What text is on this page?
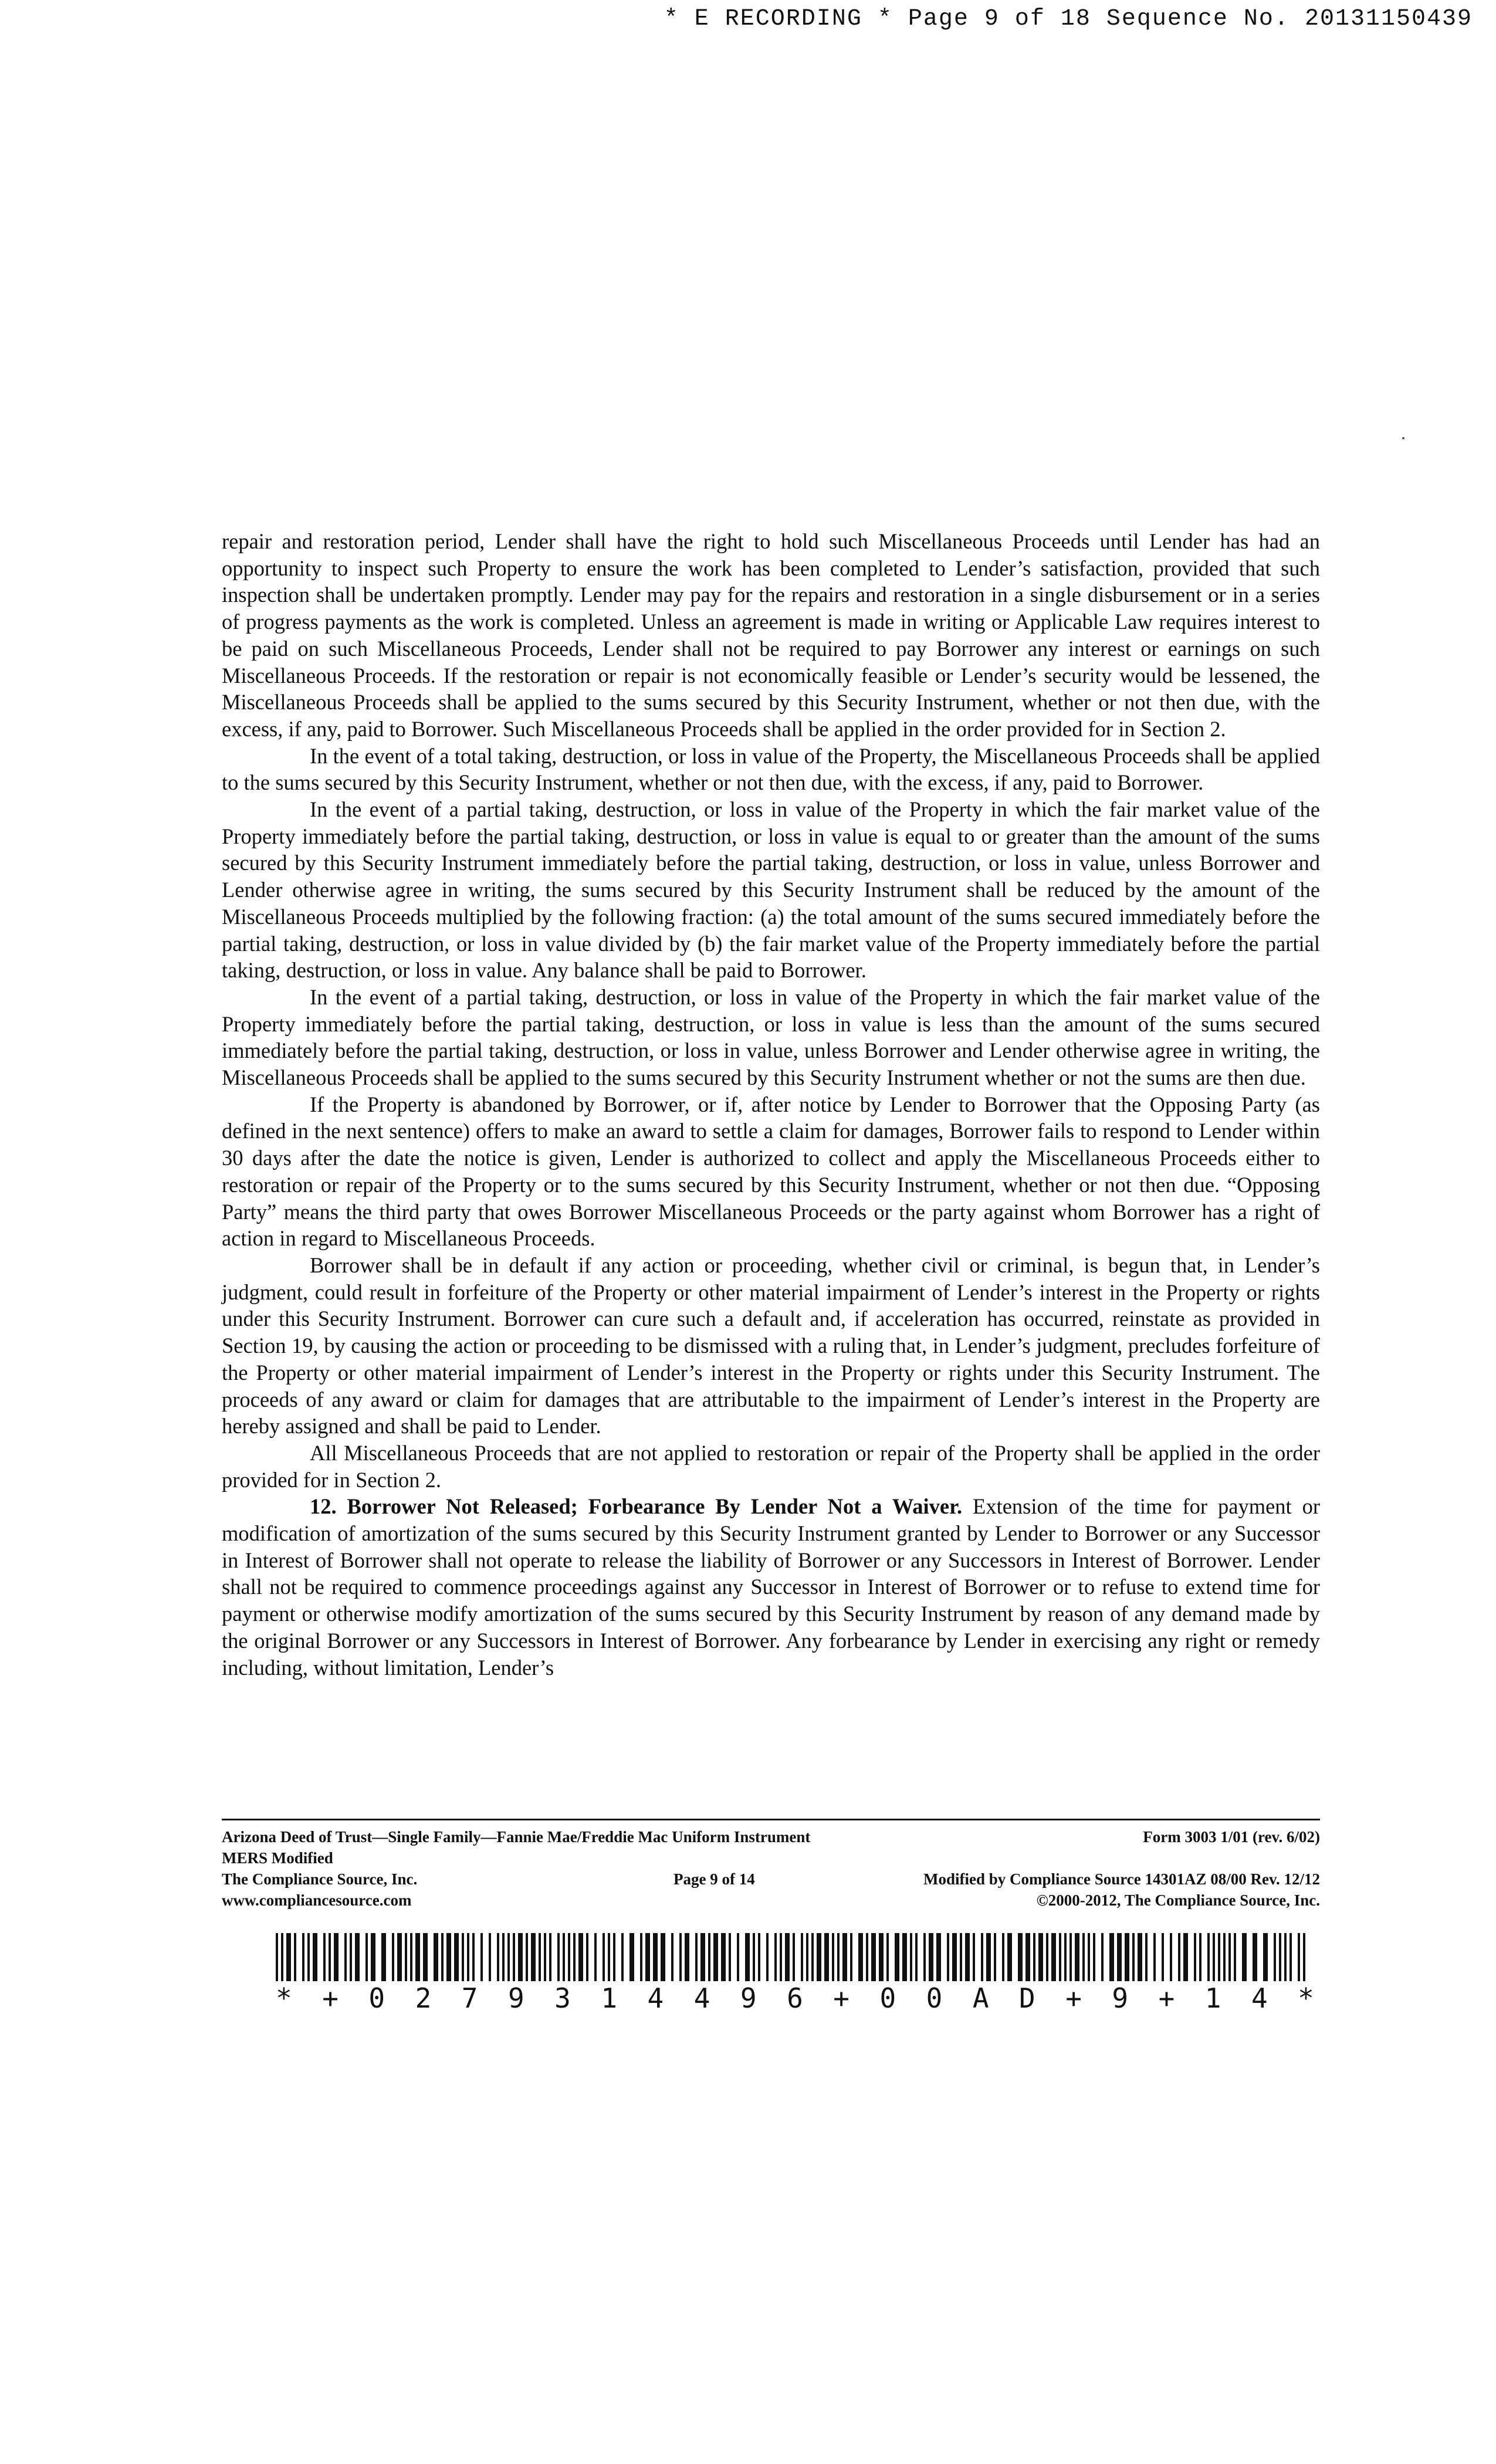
* E RECORDING * Page 9 of 18 Sequence No. 20131150439

repair and restoration period, Lender shall have the right to hold such Miscellaneous Proceeds until Lender has had an opportunity to inspect such Property to ensure the work has been completed to Lender’s satisfaction, provided that such inspection shall be undertaken promptly. Lender may pay for the repairs and restoration in a single disbursement or in a series of progress payments as the work is completed. Unless an agreement is made in writing or Applicable Law requires interest to be paid on such Miscellaneous Proceeds, Lender shall not be required to pay Borrower any interest or earnings on such Miscellaneous Proceeds. If the restoration or repair is not economically feasible or Lender’s security would be lessened, the Miscellaneous Proceeds shall be applied to the sums secured by this Security Instrument, whether or not then due, with the excess, if any, paid to Borrower. Such Miscellaneous Proceeds shall be applied in the order provided for in Section 2.

In the event of a total taking, destruction, or loss in value of the Property, the Miscellaneous Proceeds shall be applied to the sums secured by this Security Instrument, whether or not then due, with the excess, if any, paid to Borrower.

In the event of a partial taking, destruction, or loss in value of the Property in which the fair market value of the Property immediately before the partial taking, destruction, or loss in value is equal to or greater than the amount of the sums secured by this Security Instrument immediately before the partial taking, destruction, or loss in value, unless Borrower and Lender otherwise agree in writing, the sums secured by this Security Instrument shall be reduced by the amount of the Miscellaneous Proceeds multiplied by the following fraction: (a) the total amount of the sums secured immediately before the partial taking, destruction, or loss in value divided by (b) the fair market value of the Property immediately before the partial taking, destruction, or loss in value. Any balance shall be paid to Borrower.

In the event of a partial taking, destruction, or loss in value of the Property in which the fair market value of the Property immediately before the partial taking, destruction, or loss in value is less than the amount of the sums secured immediately before the partial taking, destruction, or loss in value, unless Borrower and Lender otherwise agree in writing, the Miscellaneous Proceeds shall be applied to the sums secured by this Security Instrument whether or not the sums are then due.

If the Property is abandoned by Borrower, or if, after notice by Lender to Borrower that the Opposing Party (as defined in the next sentence) offers to make an award to settle a claim for damages, Borrower fails to respond to Lender within 30 days after the date the notice is given, Lender is authorized to collect and apply the Miscellaneous Proceeds either to restoration or repair of the Property or to the sums secured by this Security Instrument, whether or not then due. “Opposing Party” means the third party that owes Borrower Miscellaneous Proceeds or the party against whom Borrower has a right of action in regard to Miscellaneous Proceeds.

Borrower shall be in default if any action or proceeding, whether civil or criminal, is begun that, in Lender’s judgment, could result in forfeiture of the Property or other material impairment of Lender’s interest in the Property or rights under this Security Instrument. Borrower can cure such a default and, if acceleration has occurred, reinstate as provided in Section 19, by causing the action or proceeding to be dismissed with a ruling that, in Lender’s judgment, precludes forfeiture of the Property or other material impairment of Lender’s interest in the Property or rights under this Security Instrument. The proceeds of any award or claim for damages that are attributable to the impairment of Lender’s interest in the Property are hereby assigned and shall be paid to Lender.

All Miscellaneous Proceeds that are not applied to restoration or repair of the Property shall be applied in the order provided for in Section 2.

12. Borrower Not Released; Forbearance By Lender Not a Waiver. Extension of the time for payment or modification of amortization of the sums secured by this Security Instrument granted by Lender to Borrower or any Successor in Interest of Borrower shall not operate to release the liability of Borrower or any Successors in Interest of Borrower. Lender shall not be required to commence proceedings against any Successor in Interest of Borrower or to refuse to extend time for payment or otherwise modify amortization of the sums secured by this Security Instrument by reason of any demand made by the original Borrower or any Successors in Interest of Borrower. Any forbearance by Lender in exercising any right or remedy including, without limitation, Lender’s

Arizona Deed of Trust—Single Family—Fannie Mae/Freddie Mac Uniform Instrument
MERS Modified
The Compliance Source, Inc.
www.compliancesource.com
Page 9 of 14
Form 3003 1/01 (rev. 6/02)

Modified by Compliance Source 14301AZ 08/00 Rev. 12/12
©2000-2012, The Compliance Source, Inc.
* + 0 2 7 9 3 1 4 4 9 6 + 0 0 A D + 9 + 1 4 *
